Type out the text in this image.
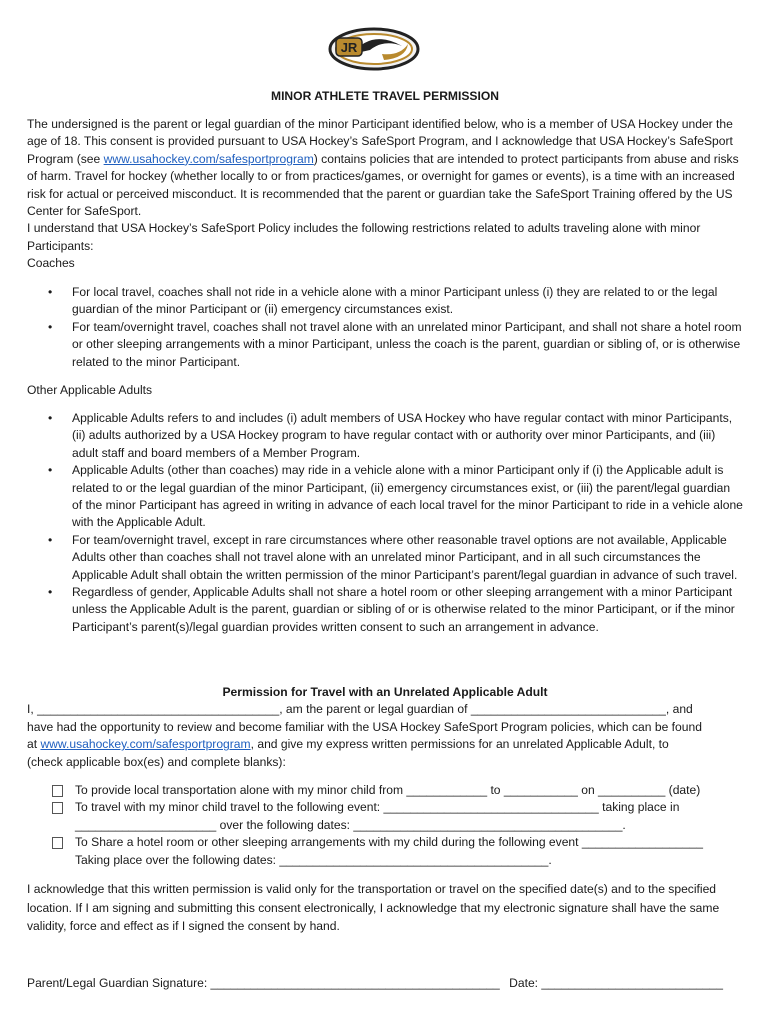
JR
MINOR ATHLETE TRAVEL PERMISSION

The undersigned is the parent or legal guardian of the minor Participant identified below, who is a member of USA Hockey under the age of 18. This consent is provided pursuant to USA Hockey’s SafeSport Program, and I acknowledge that USA Hockey’s SafeSport Program (see www.usahockey.com/safesportprogram) contains policies that are intended to protect participants from abuse and risks of harm. Travel for hockey (whether locally to or from practices/games, or overnight for games or events), is a time with an increased risk for actual or perceived misconduct. It is recommended that the parent or guardian take the SafeSport Training offered by the US Center for SafeSport.

I understand that USA Hockey’s SafeSport Policy includes the following restrictions related to adults traveling alone with minor Participants:

Coaches

• For local travel, coaches shall not ride in a vehicle alone with a minor Participant unless (i) they are related to or the legal guardian of the minor Participant or (ii) emergency circumstances exist.
• For team/overnight travel, coaches shall not travel alone with an unrelated minor Participant, and shall not share a hotel room or other sleeping arrangements with a minor Participant, unless the coach is the parent, guardian or sibling of, or is otherwise related to the minor Participant.
Other Applicable Adults
• Applicable Adults refers to and includes (i) adult members of USA Hockey who have regular contact with minor Participants, (ii) adults authorized by a USA Hockey program to have regular contact with or authority over minor Participants, and (iii) adult staff and board members of a Member Program.
• Applicable Adults (other than coaches) may ride in a vehicle alone with a minor Participant only if (i) the Applicable adult is related to or the legal guardian of the minor Participant, (ii) emergency circumstances exist, or (iii) the parent/legal guardian of the minor Participant has agreed in writing in advance of each local travel for the minor Participant to ride in a vehicle alone with the Applicable Adult.
• For team/overnight travel, except in rare circumstances where other reasonable travel options are not available, Applicable Adults other than coaches shall not travel alone with an unrelated minor Participant, and in all such circumstances the Applicable Adult shall obtain the written permission of the minor Participant’s parent/legal guardian in advance of such travel.
• Regardless of gender, Applicable Adults shall not share a hotel room or other sleeping arrangement with a minor Participant unless the Applicable Adult is the parent, guardian or sibling of or is otherwise related to the minor Participant, or if the minor Participant’s parent(s)/legal guardian provides written consent to such an arrangement in advance.

Permission for Travel with an Unrelated Applicable Adult

I, ____________________________________, am the parent or legal guardian of _____________________________, and

have had the opportunity to review and become familiar with the USA Hockey SafeSport Program policies, which can be found

at www.usahockey.com/safesportprogram, and give my express written permissions for an unrelated Applicable Adult, to

(check applicable box(es) and complete blanks):

To provide local transportation alone with my minor child from ____________ to ___________ on __________ (date)

To travel with my minor child travel to the following event: ________________________________ taking place in

_____________________ over the following dates: ________________________________________.

To Share a hotel room or other sleeping arrangements with my child during the following event __________________

Taking place over the following dates: ________________________________________.

I acknowledge that this written permission is valid only for the transportation or travel on the specified date(s) and to the specified location. If I am signing and submitting this consent electronically, I acknowledge that my electronic signature shall have the same validity, force and effect as if I signed the consent by hand.
Parent/Legal Guardian Signature: ___________________________________________ Date: ___________________________
